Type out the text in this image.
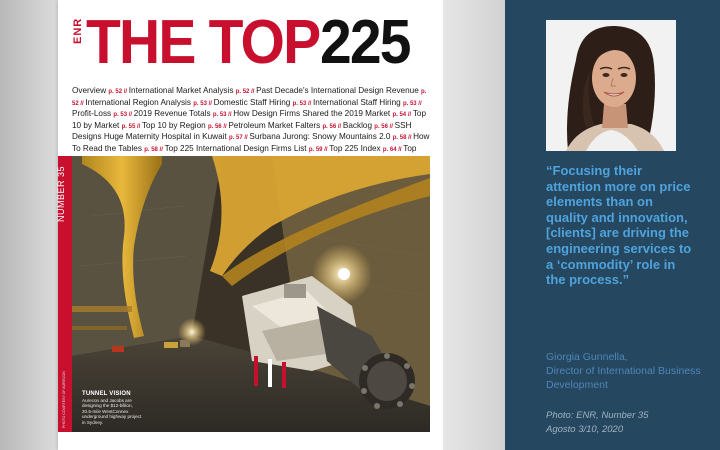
ENR THE TOP 225
Overview p. 52 // International Market Analysis p. 52 // Past Decade's International Design Revenue p. 52 // International Region Analysis p. 53 // Domestic Staff Hiring p. 53 // International Staff Hiring p. 53 // Profit-Loss p. 53 // 2019 Revenue Totals p. 53 // How Design Firms Shared the 2019 Market p. 54 // Top 10 by Market p. 55 // Top 10 by Region p. 56 // Petroleum Market Falters p. 56 // Backlog p. 56 // SSH Designs Huge Maternity Hospital in Kuwait p. 57 // Surbana Jurong: Snowy Mountains 2.0 p. 58 // How To Read the Tables p. 58 // Top 225 International Design Firms List p. 59 // Top 225 Index p. 64 // Top
NUMBER 35
TUNNEL VISION
Aurecon and Jacobs are designing the $12-billion, 20.5-mile WestConnex underground highway project in Sydney.
PHOTO COURTESY OF AURECON
“Focusing their attention more on price elements than on quality and innovation, [clients] are driving the engineering services to a ‘commodity’ role in the process.”
Giorgia Gunnella,
Director of International Business Development
Photo: ENR, Number 35
Agosto 3/10, 2020
